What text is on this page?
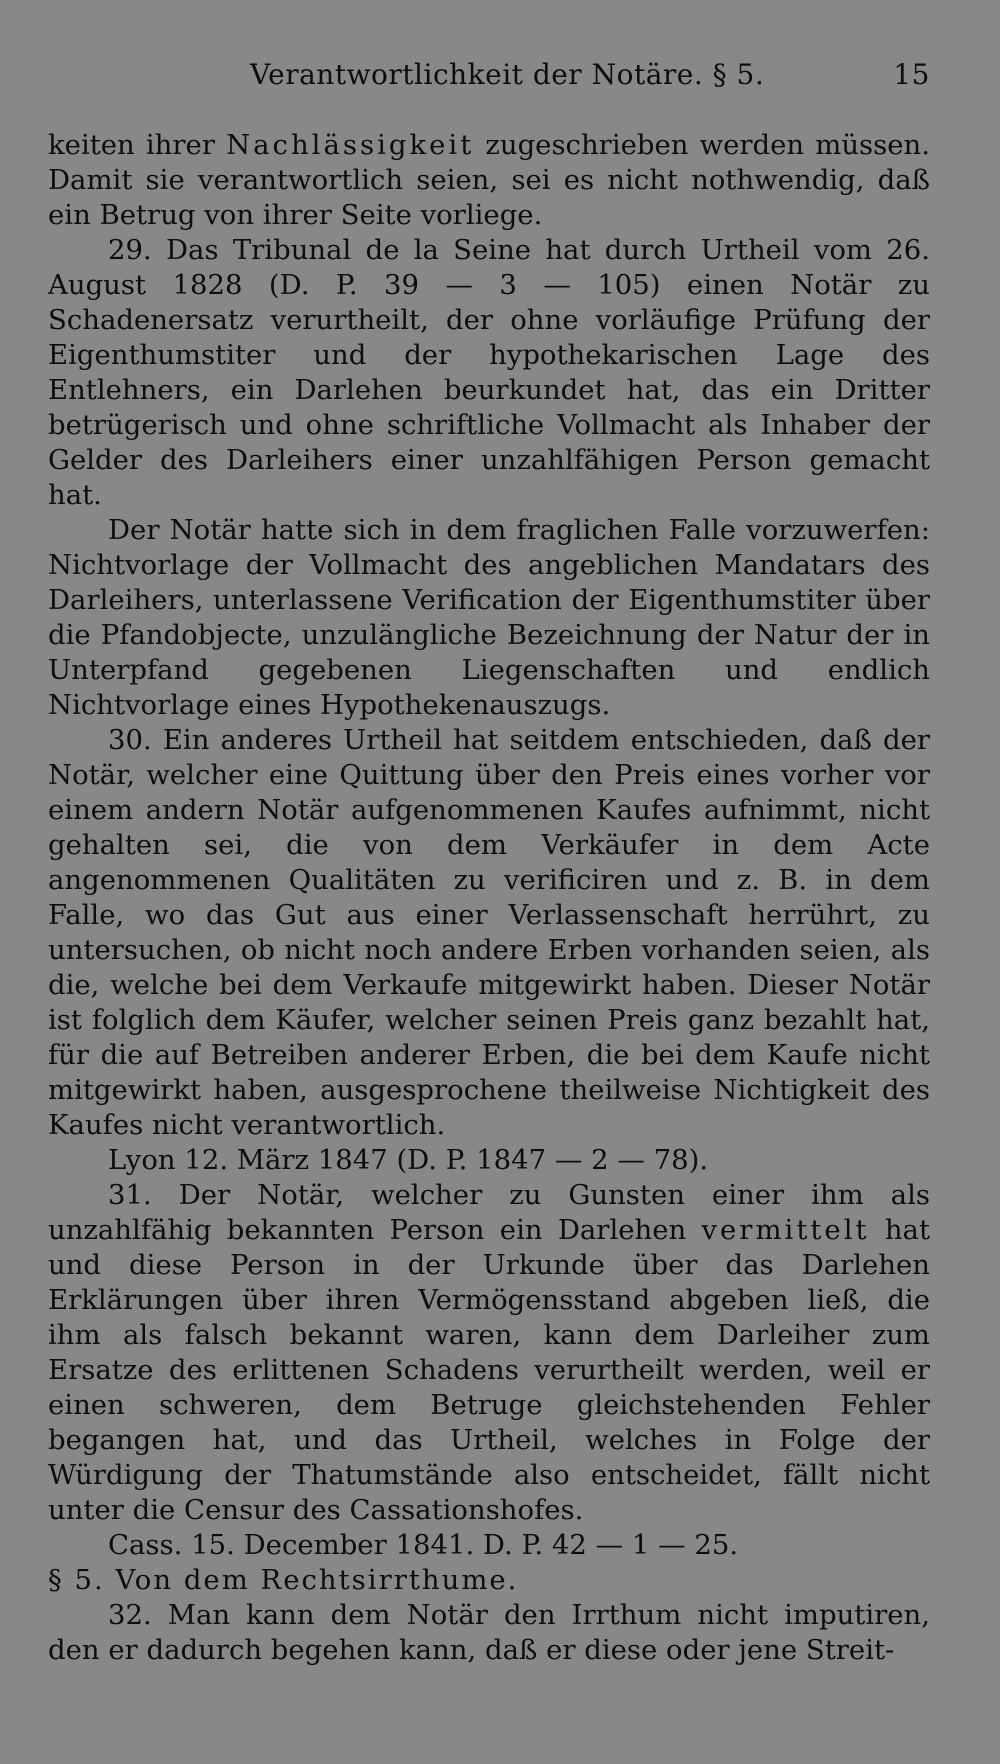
Verantwortlichkeit der Notäre. § 5.	15

keiten ihrer Nachlässigkeit zugeschrieben werden müssen. Damit sie verantwortlich seien, sei es nicht nothwendig, daß ein Betrug von ihrer Seite vorliege.

29. Das Tribunal de la Seine hat durch Urtheil vom 26. August 1828 (D. P. 39 — 3 — 105) einen Notär zu Schadenersatz verurtheilt, der ohne vorläufige Prüfung der Eigenthumstiter und der hypothekarischen Lage des Entlehners, ein Darlehen beurkundet hat, das ein Dritter betrügerisch und ohne schriftliche Vollmacht als Inhaber der Gelder des Darleihers einer unzahlfähigen Person gemacht hat.

Der Notär hatte sich in dem fraglichen Falle vorzuwerfen: Nichtvorlage der Vollmacht des angeblichen Mandatars des Darleihers, unterlassene Verification der Eigenthumstiter über die Pfandobjecte, unzulängliche Bezeichnung der Natur der in Unterpfand gegebenen Liegenschaften und endlich Nichtvorlage eines Hypothekenauszugs.

30. Ein anderes Urtheil hat seitdem entschieden, daß der Notär, welcher eine Quittung über den Preis eines vorher vor einem andern Notär aufgenommenen Kaufes aufnimmt, nicht gehalten sei, die von dem Verkäufer in dem Acte angenommenen Qualitäten zu verificiren und z. B. in dem Falle, wo das Gut aus einer Verlassenschaft herrührt, zu untersuchen, ob nicht noch andere Erben vorhanden seien, als die, welche bei dem Verkaufe mitgewirkt haben. Dieser Notär ist folglich dem Käufer, welcher seinen Preis ganz bezahlt hat, für die auf Betreiben anderer Erben, die bei dem Kaufe nicht mitgewirkt haben, ausgesprochene theilweise Nichtigkeit des Kaufes nicht verantwortlich.

Lyon 12. März 1847 (D. P. 1847 — 2 — 78).

31. Der Notär, welcher zu Gunsten einer ihm als unzahlfähig bekannten Person ein Darlehen vermittelt hat und diese Person in der Urkunde über das Darlehen Erklärungen über ihren Vermögensstand abgeben ließ, die ihm als falsch bekannt waren, kann dem Darleiher zum Ersatze des erlittenen Schadens verurtheilt werden, weil er einen schweren, dem Betruge gleichstehenden Fehler begangen hat, und das Urtheil, welches in Folge der Würdigung der Thatumstände also entscheidet, fällt nicht unter die Censur des Cassationshofes.

Cass. 15. December 1841. D. P. 42 — 1 — 25.

§ 5. Von dem Rechtsirrthume.

32. Man kann dem Notär den Irrthum nicht imputiren, den er dadurch begehen kann, daß er diese oder jene Streit-
